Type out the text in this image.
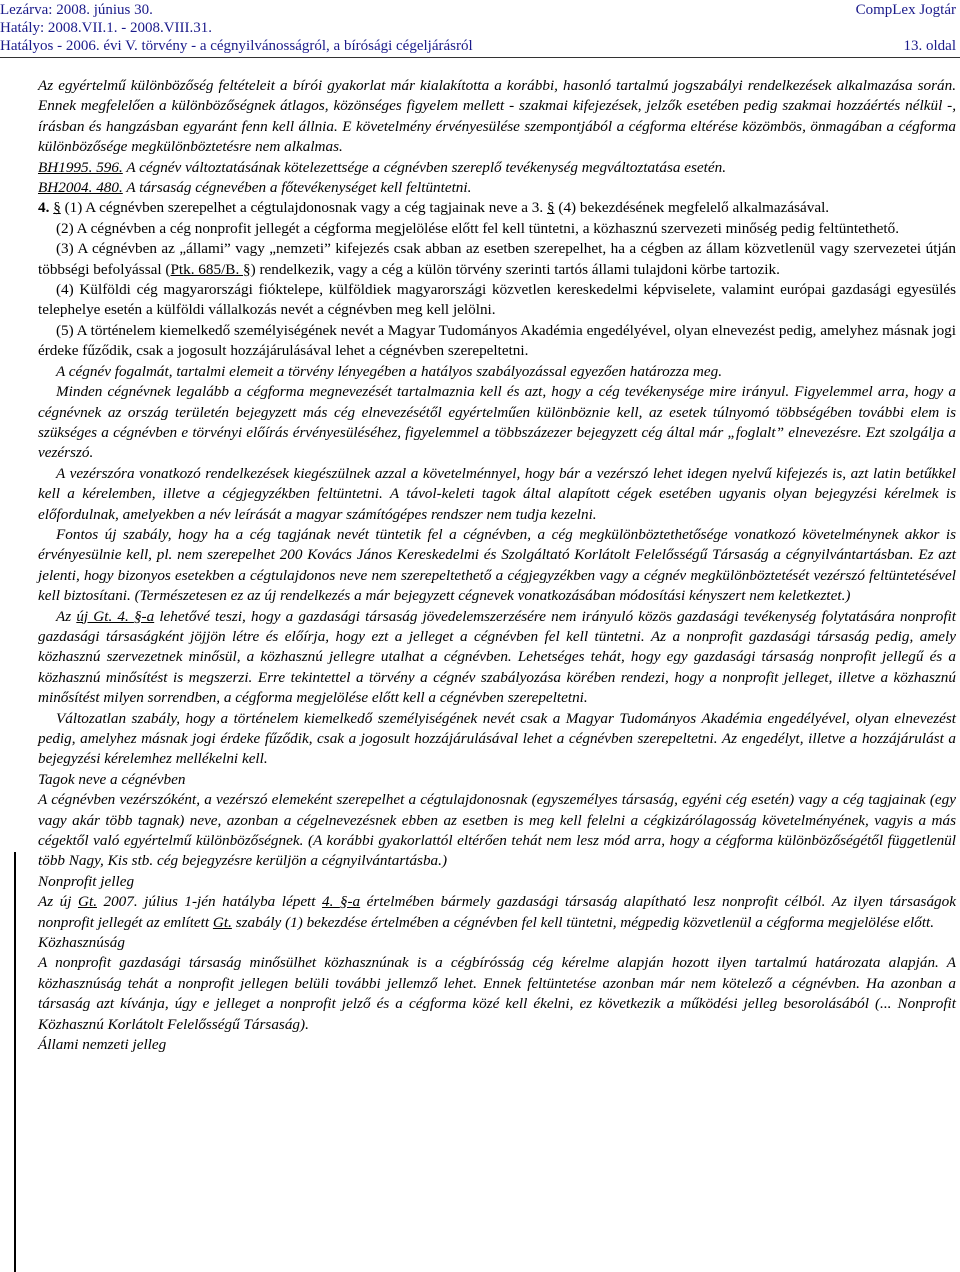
Lezárva: 2008. június 30.
Hatály: 2008.VII.1. - 2008.VIII.31.
Hatályos - 2006. évi V. törvény - a cégnyilvánosságról, a bírósági cégeljárásról
CompLex Jogtár

13. oldal

Az egyértelmű különbözőség feltételeit a bírói gyakorlat már kialakította a korábbi, hasonló tartalmú jogszabályi rendelkezések alkalmazása során. Ennek megfelelően a különbözőségnek átlagos, közönséges figyelem mellett - szakmai kifejezések, jelzők esetében pedig szakmai hozzáértés nélkül -, írásban és hangzásban egyaránt fenn kell állnia. E követelmény érvényesülése szempontjából a cégforma eltérése közömbös, önmagában a cégforma különbözősége megkülönböztetésre nem alkalmas.

BH1995. 596. A cégnév változtatásának kötelezettsége a cégnévben szereplő tevékenység megváltoztatása esetén.

BH2004. 480. A társaság cégnevében a főtevékenységet kell feltüntetni.

4. § (1) A cégnévben szerepelhet a cégtulajdonosnak vagy a cég tagjainak neve a 3. § (4) bekezdésének megfelelő alkalmazásával.

(2) A cégnévben a cég nonprofit jellegét a cégforma megjelölése előtt fel kell tüntetni, a közhasznú szervezeti minőség pedig feltüntethető.

(3) A cégnévben az „állami” vagy „nemzeti” kifejezés csak abban az esetben szerepelhet, ha a cégben az állam közvetlenül vagy szervezetei útján többségi befolyással (Ptk. 685/B. §) rendelkezik, vagy a cég a külön törvény szerinti tartós állami tulajdoni körbe tartozik.

(4) Külföldi cég magyarországi fióktelepe, külföldiek magyarországi közvetlen kereskedelmi képviselete, valamint európai gazdasági egyesülés telephelye esetén a külföldi vállalkozás nevét a cégnévben meg kell jelölni.

(5) A történelem kiemelkedő személyiségének nevét a Magyar Tudományos Akadémia engedélyével, olyan elnevezést pedig, amelyhez másnak jogi érdeke fűződik, csak a jogosult hozzájárulásával lehet a cégnévben szerepeltetni.

A cégnév fogalmát, tartalmi elemeit a törvény lényegében a hatályos szabályozással egyezően határozza meg.

Minden cégnévnek legalább a cégforma megnevezését tartalmaznia kell és azt, hogy a cég tevékenysége mire irányul. Figyelemmel arra, hogy a cégnévnek az ország területén bejegyzett más cég elnevezésétől egyértelműen különböznie kell, az esetek túlnyomó többségében további elem is szükséges a cégnévben e törvényi előírás érvényesüléséhez, figyelemmel a többszázezer bejegyzett cég által már „foglalt” elnevezésre. Ezt szolgálja a vezérszó.

A vezérszóra vonatkozó rendelkezések kiegészülnek azzal a követelménnyel, hogy bár a vezérszó lehet idegen nyelvű kifejezés is, azt latin betűkkel kell a kérelemben, illetve a cégjegyzékben feltüntetni. A távol-keleti tagok által alapított cégek esetében ugyanis olyan bejegyzési kérelmek is előfordulnak, amelyekben a név leírását a magyar számítógépes rendszer nem tudja kezelni.

Fontos új szabály, hogy ha a cég tagjának nevét tüntetik fel a cégnévben, a cég megkülönböztethetősége vonatkozó követelménynek akkor is érvényesülnie kell, pl. nem szerepelhet 200 Kovács János Kereskedelmi és Szolgáltató Korlátolt Felelősségű Társaság a cégnyilvántartásban. Ez azt jelenti, hogy bizonyos esetekben a cégtulajdonos neve nem szerepeltethető a cégjegyzékben vagy a cégnév megkülönböztetését vezérszó feltüntetésével kell biztosítani. (Természetesen ez az új rendelkezés a már bejegyzett cégnevek vonatkozásában módosítási kényszert nem keletkeztet.)

Az új Gt. 4. §-a lehetővé teszi, hogy a gazdasági társaság jövedelemszerzésére nem irányuló közös gazdasági tevékenység folytatására nonprofit gazdasági társaságként jöjjön létre és előírja, hogy ezt a jelleget a cégnévben fel kell tüntetni. Az a nonprofit gazdasági társaság pedig, amely közhasznú szervezetnek minősül, a közhasznú jellegre utalhat a cégnévben. Lehetséges tehát, hogy egy gazdasági társaság nonprofit jellegű és a közhasznú minősítést is megszerzi. Erre tekintettel a törvény a cégnév szabályozása körében rendezi, hogy a nonprofit jelleget, illetve a közhasznú minősítést milyen sorrendben, a cégforma megjelölése előtt kell a cégnévben szerepeltetni.

Változatlan szabály, hogy a történelem kiemelkedő személyiségének nevét csak a Magyar Tudományos Akadémia engedélyével, olyan elnevezést pedig, amelyhez másnak jogi érdeke fűződik, csak a jogosult hozzájárulásával lehet a cégnévben szerepeltetni. Az engedélyt, illetve a hozzájárulást a bejegyzési kérelemhez mellékelni kell.

Tagok neve a cégnévben

A cégnévben vezérszóként, a vezérszó elemeként szerepelhet a cégtulajdonosnak (egyszemélyes társaság, egyéni cég esetén) vagy a cég tagjainak (egy vagy akár több tagnak) neve, azonban a cégelnevezésnek ebben az esetben is meg kell felelni a cégkizárólagosság követelményének, vagyis a más cégektől való egyértelmű különbözőségnek. (A korábbi gyakorlattól eltérően tehát nem lesz mód arra, hogy a cégforma különbözőségétől függetlenül több Nagy, Kis stb. cég bejegyzésre kerüljön a cégnyilvántartásba.)

Nonprofit jelleg

Az új Gt. 2007. július 1-jén hatályba lépett 4. §-a értelmében bármely gazdasági társaság alapítható lesz nonprofit célból. Az ilyen társaságok nonprofit jellegét az említett Gt. szabály (1) bekezdése értelmében a cégnévben fel kell tüntetni, mégpedig közvetlenül a cégforma megjelölése előtt.

Közhasznúság

A nonprofit gazdasági társaság minősülhet közhasznúnak is a cégbírósság cég kérelme alapján hozott ilyen tartalmú határozata alapján. A közhasznúság tehát a nonprofit jellegen belüli további jellemző lehet. Ennek feltüntetése azonban már nem kötelező a cégnévben. Ha azonban a társaság azt kívánja, úgy e jelleget a nonprofit jelző és a cégforma közé kell ékelni, ez következik a működési jelleg besorolásából (... Nonprofit Közhasznú Korlátolt Felelősségű Társaság).

Állami nemzeti jelleg
